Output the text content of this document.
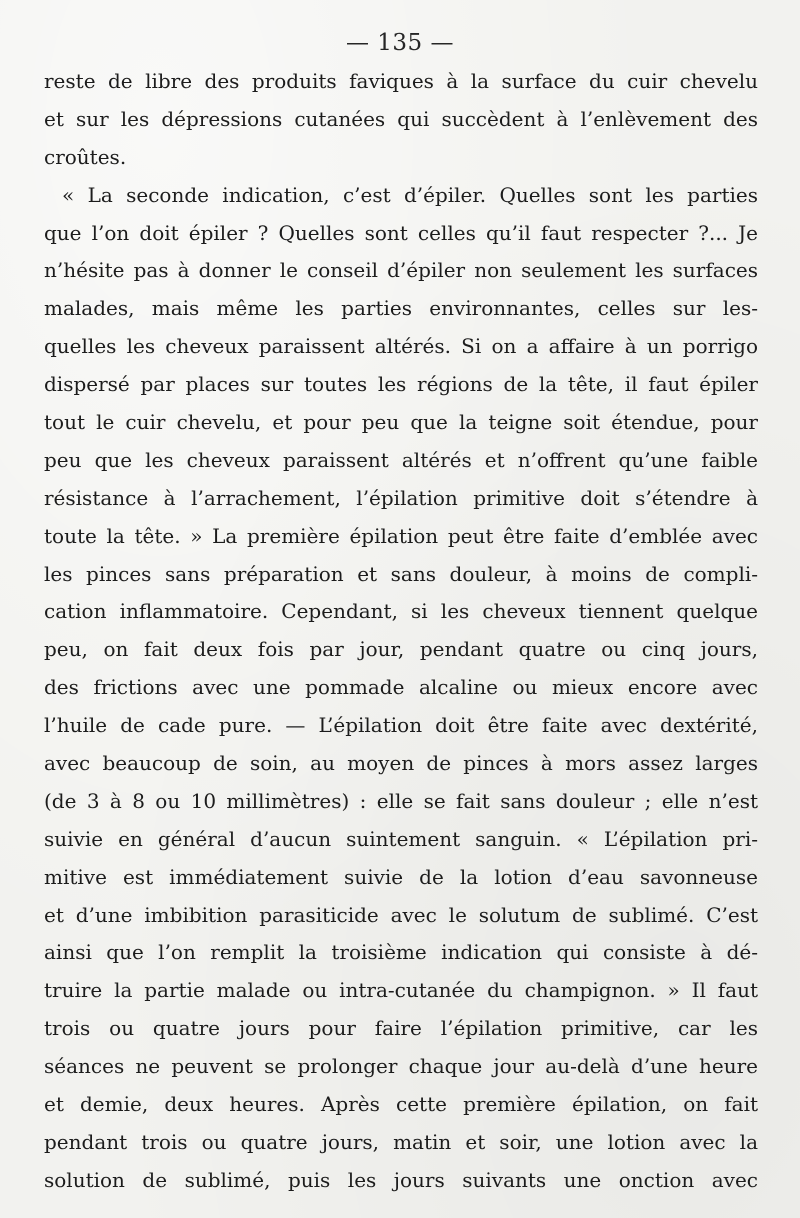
— 135 —
reste de libre des produits faviques à la surface du cuir chevelu
et sur les dépressions cutanées qui succèdent à l’enlèvement des
croûtes.
« La seconde indication, c’est d’épiler. Quelles sont les parties
que l’on doit épiler ? Quelles sont celles qu’il faut respecter ?... Je
n’hésite pas à donner le conseil d’épiler non seulement les surfaces
malades, mais même les parties environnantes, celles sur les-
quelles les cheveux paraissent altérés. Si on a affaire à un porrigo
dispersé par places sur toutes les régions de la tête, il faut épiler
tout le cuir chevelu, et pour peu que la teigne soit étendue, pour
peu que les cheveux paraissent altérés et n’offrent qu’une faible
résistance à l’arrachement, l’épilation primitive doit s’étendre à
toute la tête. » La première épilation peut être faite d’emblée avec
les pinces sans préparation et sans douleur, à moins de compli-
cation inflammatoire. Cependant, si les cheveux tiennent quelque
peu, on fait deux fois par jour, pendant quatre ou cinq jours,
des frictions avec une pommade alcaline ou mieux encore avec
l’huile de cade pure. — L’épilation doit être faite avec dextérité,
avec beaucoup de soin, au moyen de pinces à mors assez larges
(de 3 à 8 ou 10 millimètres) : elle se fait sans douleur ; elle n’est
suivie en général d’aucun suintement sanguin. « L’épilation pri-
mitive est immédiatement suivie de la lotion d’eau savonneuse
et d’une imbibition parasiticide avec le solutum de sublimé. C’est
ainsi que l’on remplit la troisième indication qui consiste à dé-
truire la partie malade ou intra-cutanée du champignon. » Il faut
trois ou quatre jours pour faire l’épilation primitive, car les
séances ne peuvent se prolonger chaque jour au-delà d’une heure
et demie, deux heures. Après cette première épilation, on fait
pendant trois ou quatre jours, matin et soir, une lotion avec la
solution de sublimé, puis les jours suivants une onction avec
